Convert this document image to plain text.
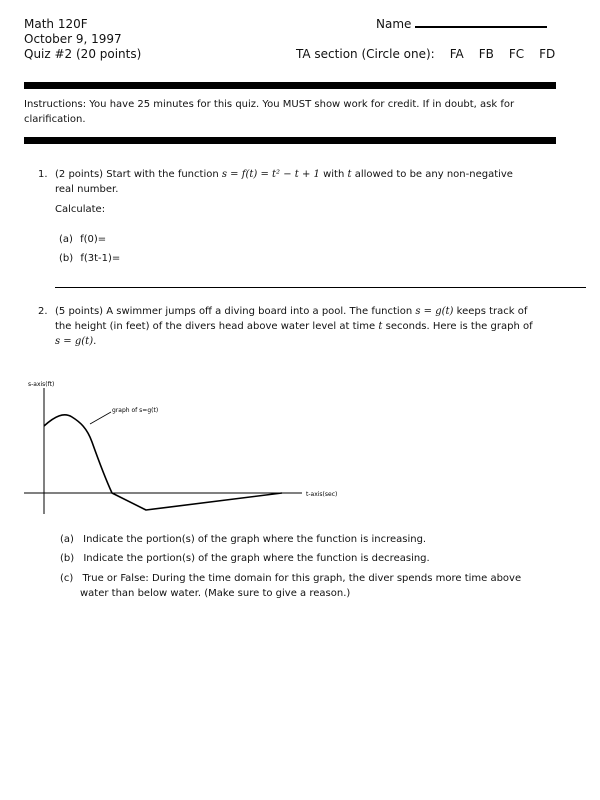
Math 120F
October 9, 1997
Quiz #2 (20 points)
Name
TA section (Circle one): FA FB FC FD
Instructions: You have 25 minutes for this quiz. You MUST show work for credit. If in doubt, ask for
clarification.
1. (2 points) Start with the function s = f(t) = t² − t + 1 with t allowed to be any non-negative
real number.
Calculate:
(a) f(0)=
(b) f(3t-1)=
2. (5 points) A swimmer jumps off a diving board into a pool. The function s = g(t) keeps track of
the height (in feet) of the divers head above water level at time t seconds. Here is the graph of
s = g(t).
s-axis(ft)
graph of s=g(t)
t-axis(sec)
(a) Indicate the portion(s) of the graph where the function is increasing.
(b) Indicate the portion(s) of the graph where the function is decreasing.
(c) True or False: During the time domain for this graph, the diver spends more time above
water than below water. (Make sure to give a reason.)
